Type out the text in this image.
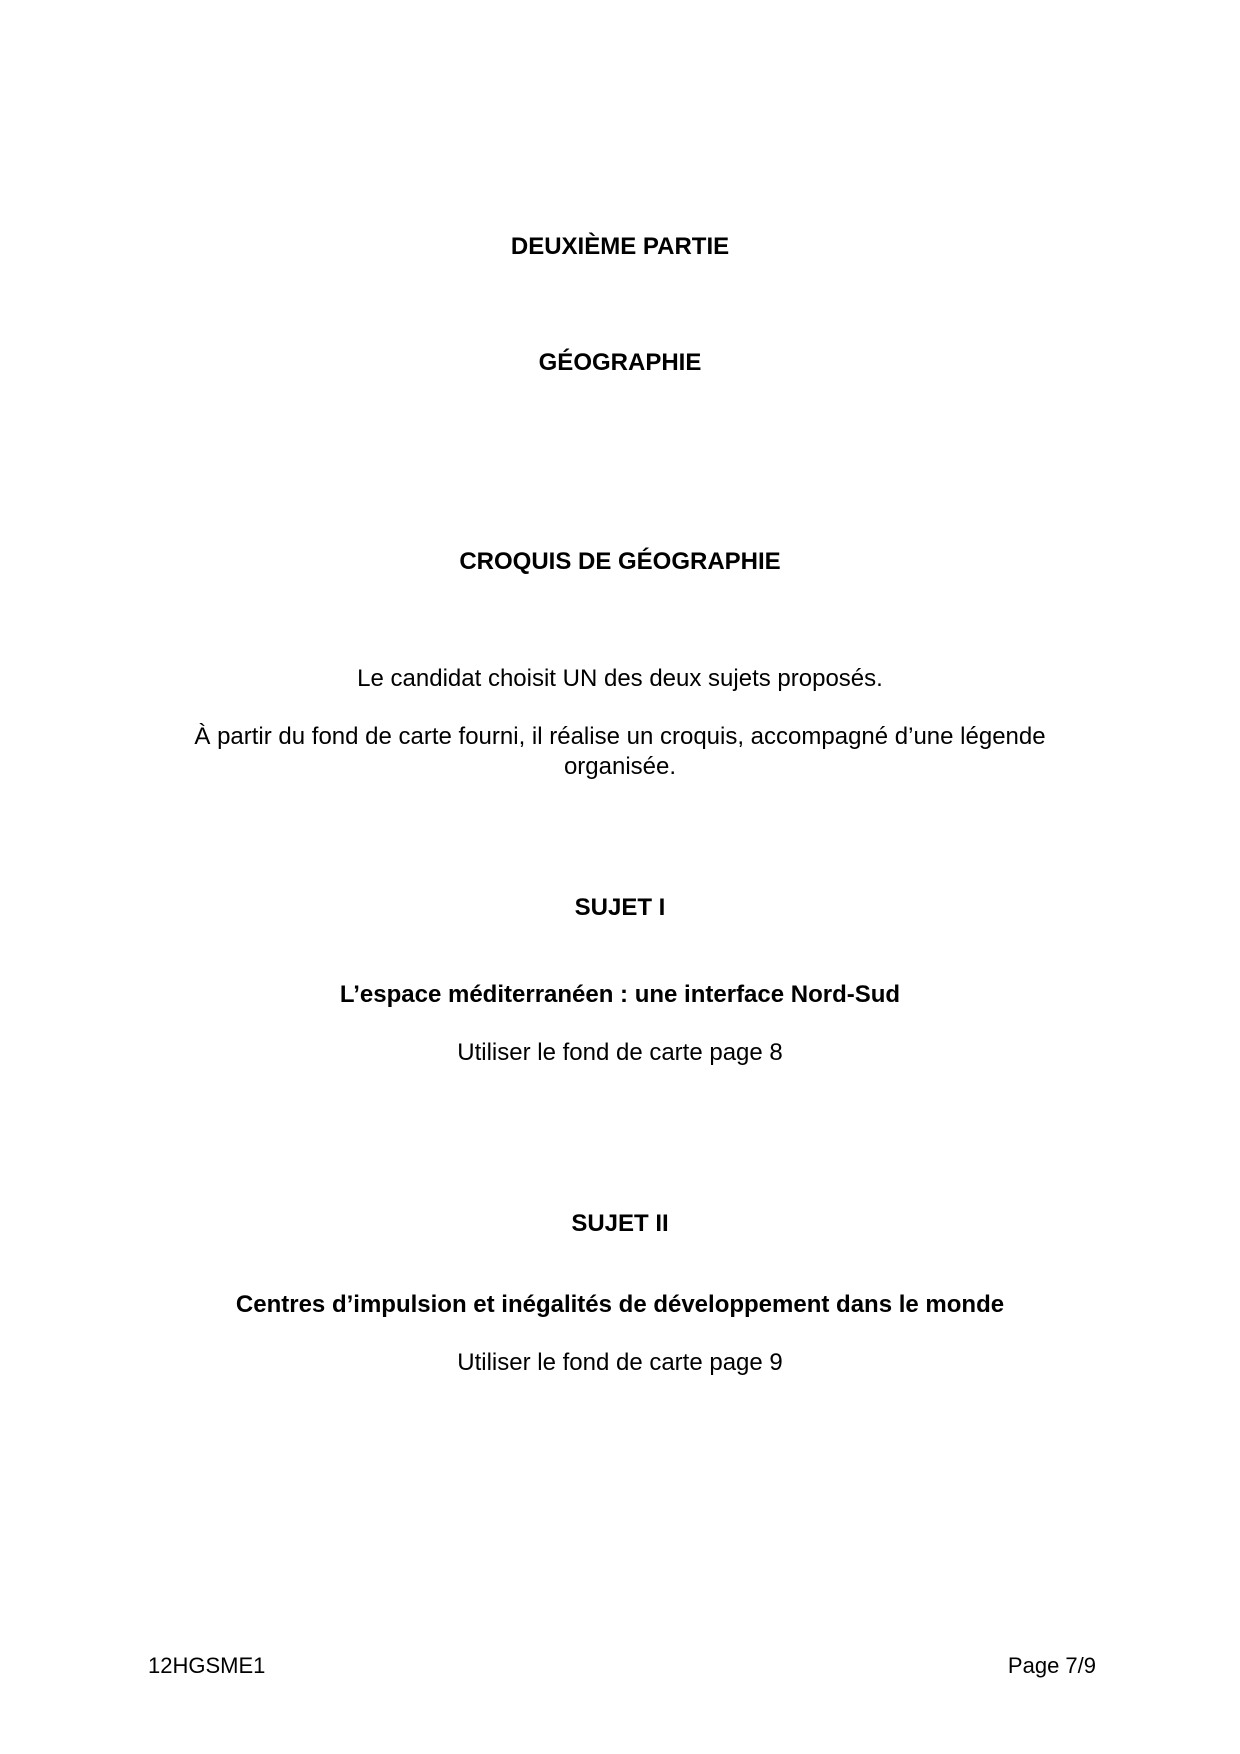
DEUXIÈME PARTIE
GÉOGRAPHIE
CROQUIS DE GÉOGRAPHIE
Le candidat choisit UN des deux sujets proposés.
À partir du fond de carte fourni, il réalise un croquis, accompagné d’une légende organisée.
SUJET I
L’espace méditerranéen : une interface Nord-Sud
Utiliser le fond de carte page 8
SUJET II
Centres d’impulsion et inégalités de développement dans le monde
Utiliser le fond de carte page 9
12HGSME1	Page 7/9
